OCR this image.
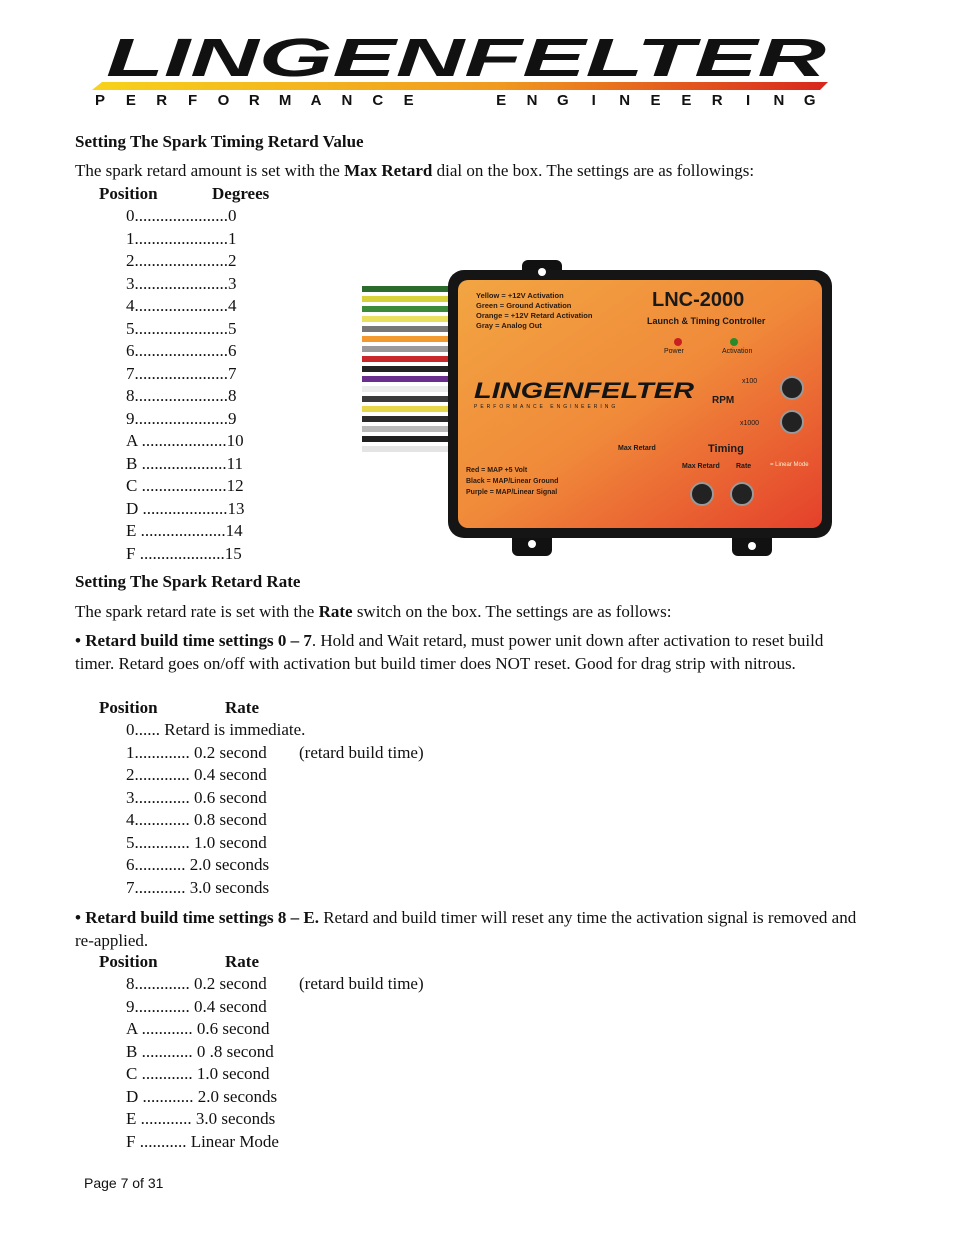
LINGENFELTER
P	E	R	F	O	R	M	A	N	C	E	E	N	G	I	N	E	E	R	I	N	G
Setting The Spark Timing Retard Value
The spark retard amount is set with the Max Retard dial on the box. The settings are as followings:
Position	Degrees
0......................0
1......................1
2......................2
3......................3
4......................4
5......................5
6......................6
7......................7
8......................8
9......................9
A ....................10
B ....................11
C ....................12
D ....................13
E ....................14
F ....................15
Yellow = +12V Activation Green = Ground Activation Orange = +12V Retard Activation Gray = Analog Out
LNC-2000
Launch & Timing Controller
Power	Activation
LINGENFELTER
PERFORMANCE ENGINEERING
RPM
x100
x1000
Max Retard	Timing
Max Retard Rate	= Linear Mode
Red = MAP +5 Volt Black = MAP/Linear Ground Purple = MAP/Linear Signal
Setting The Spark Retard Rate
The spark retard rate is set with the Rate switch on the box. The settings are as follows:
• Retard build time settings 0 – 7. Hold and Wait retard, must power unit down after activation to reset build timer. Retard goes on/off with activation but build timer does NOT reset. Good for drag strip with nitrous.
Position	Rate
0...... Retard is immediate.
1............. 0.2 second (retard build time)
2............. 0.4 second
3............. 0.6 second
4............. 0.8 second
5............. 1.0 second
6............ 2.0 seconds
7............ 3.0 seconds
• Retard build time settings 8 – E. Retard and build timer will reset any time the activation signal is removed and re-applied.
Position	Rate
8............. 0.2 second (retard build time)
9............. 0.4 second
A ............ 0.6 second
B ............ 0 .8 second
C ............ 1.0 second
D ............ 2.0 seconds
E ............ 3.0 seconds
F ........... Linear Mode
Page 7 of 31
